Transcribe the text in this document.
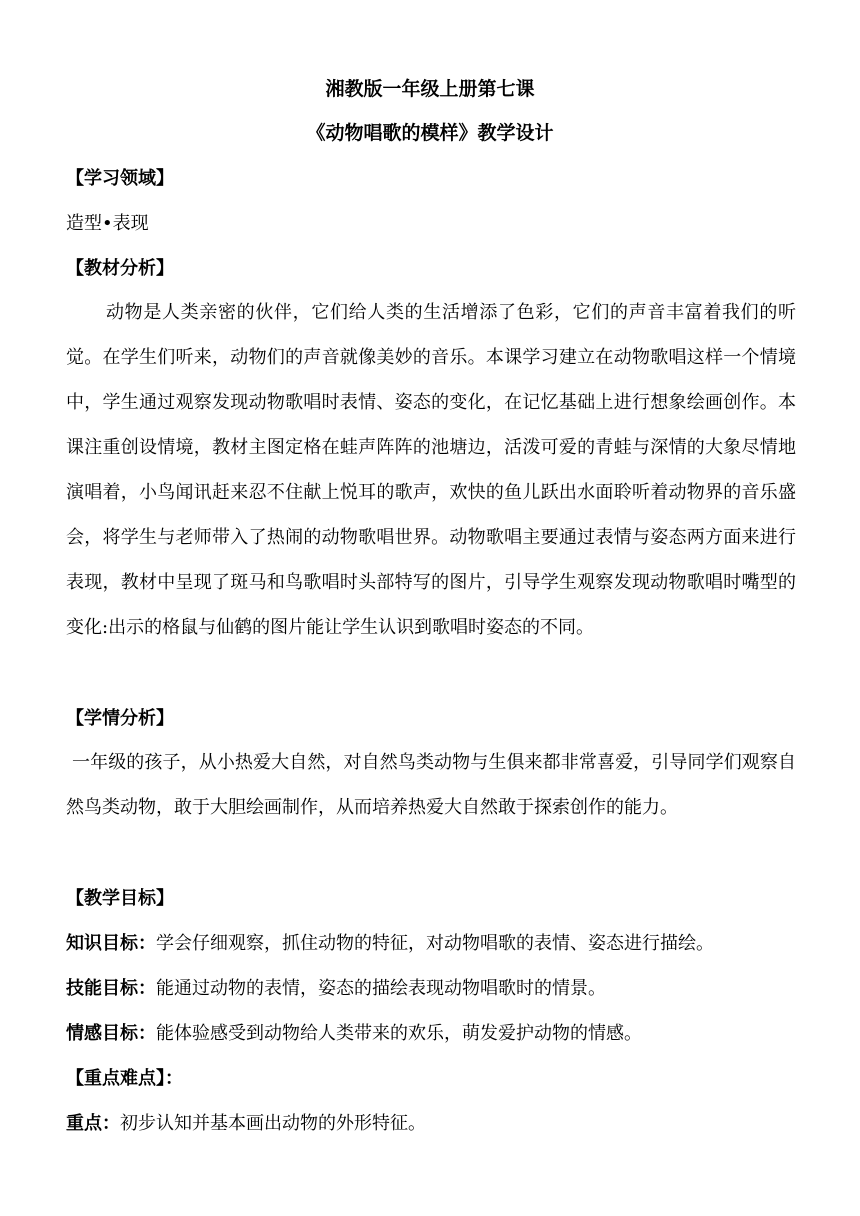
湘教版一年级上册第七课
《动物唱歌的模样》教学设计
【学习领域】
造型•表现
【教材分析】
动物是人类亲密的伙伴，它们给人类的生活增添了色彩，它们的声音丰富着我们的听觉。在学生们听来，动物们的声音就像美妙的音乐。本课学习建立在动物歌唱这样一个情境中，学生通过观察发现动物歌唱时表情、姿态的变化，在记忆基础上进行想象绘画创作。本课注重创设情境，教材主图定格在蛙声阵阵的池塘边，活泼可爱的青蛙与深情的大象尽情地演唱着，小鸟闻讯赶来忍不住献上悦耳的歌声，欢快的鱼儿跃出水面聆听着动物界的音乐盛会，将学生与老师带入了热闹的动物歌唱世界。动物歌唱主要通过表情与姿态两方面来进行表现，教材中呈现了斑马和鸟歌唱时头部特写的图片，引导学生观察发现动物歌唱时嘴型的变化:出示的格鼠与仙鹤的图片能让学生认识到歌唱时姿态的不同。
【学情分析】
一年级的孩子，从小热爱大自然，对自然鸟类动物与生俱来都非常喜爱，引导同学们观察自然鸟类动物，敢于大胆绘画制作，从而培养热爱大自然敢于探索创作的能力。
【教学目标】
知识目标：学会仔细观察，抓住动物的特征，对动物唱歌的表情、姿态进行描绘。
技能目标：能通过动物的表情，姿态的描绘表现动物唱歌时的情景。
情感目标：能体验感受到动物给人类带来的欢乐，萌发爱护动物的情感。
【重点难点】：
重点：初步认知并基本画出动物的外形特征。
